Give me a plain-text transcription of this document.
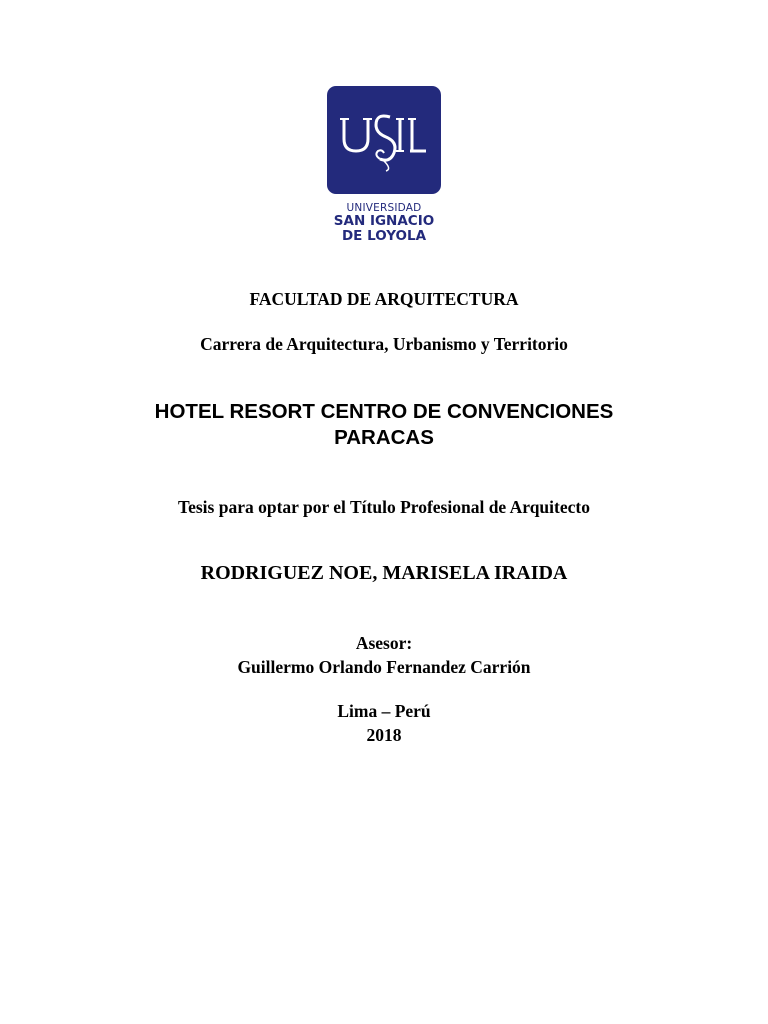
UNIVERSIDAD
SAN IGNACIO
DE LOYOLA
FACULTAD DE ARQUITECTURA
Carrera de Arquitectura, Urbanismo y Territorio
HOTEL RESORT CENTRO DE CONVENCIONES
PARACAS
Tesis para optar por el Título Profesional de Arquitecto
RODRIGUEZ NOE, MARISELA IRAIDA
Asesor:
Guillermo Orlando Fernandez Carrión
Lima – Perú
2018
